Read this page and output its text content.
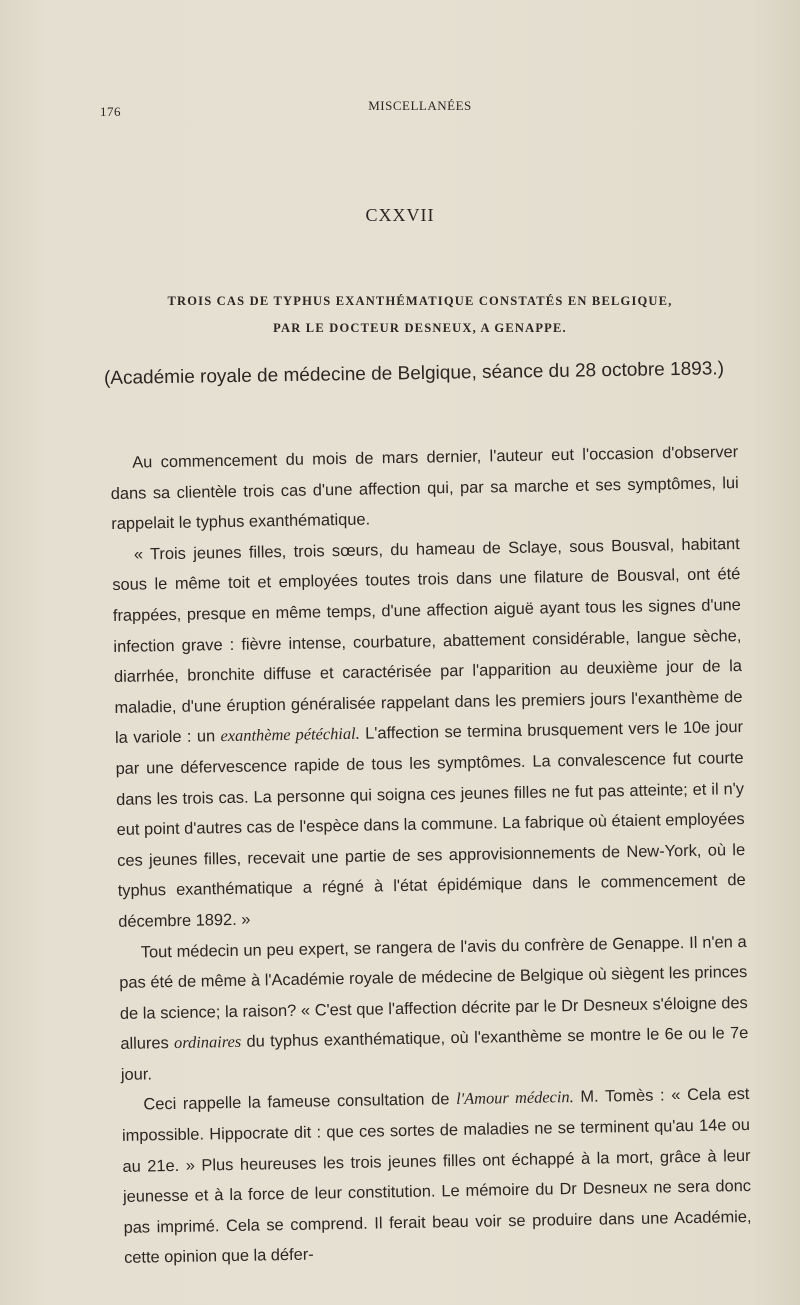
176	MISCELLANÉES
CXXVII
TROIS CAS DE TYPHUS EXANTHÉMATIQUE CONSTATÉS EN BELGIQUE,
PAR LE DOCTEUR DESNEUX, A GENAPPE.
(Académie royale de médecine de Belgique, séance du 28 octobre 1893.)

Au commencement du mois de mars dernier, l'auteur eut l'occasion d'observer dans sa clientèle trois cas d'une affection qui, par sa marche et ses symptômes, lui rappelait le typhus exanthématique.

« Trois jeunes filles, trois sœurs, du hameau de Sclaye, sous Bousval, habitant sous le même toit et employées toutes trois dans une filature de Bousval, ont été frappées, presque en même temps, d'une affection aiguë ayant tous les signes d'une infection grave : fièvre intense, courbature, abattement considérable, langue sèche, diarrhée, bronchite diffuse et caractérisée par l'apparition au deuxième jour de la maladie, d'une éruption généralisée rappelant dans les premiers jours l'exanthème de la variole : un exanthème pétéchial. L'affection se termina brusquement vers le 10e jour par une défervescence rapide de tous les symptômes. La convalescence fut courte dans les trois cas. La personne qui soigna ces jeunes filles ne fut pas atteinte; et il n'y eut point d'autres cas de l'espèce dans la commune. La fabrique où étaient employées ces jeunes filles, recevait une partie de ses approvisionnements de New-York, où le typhus exanthématique a régné à l'état épidémique dans le commencement de décembre 1892. »

Tout médecin un peu expert, se rangera de l'avis du confrère de Genappe. Il n'en a pas été de même à l'Académie royale de médecine de Belgique où siègent les princes de la science; la raison? « C'est que l'affection décrite par le Dr Desneux s'éloigne des allures ordinaires du typhus exanthématique, où l'exanthème se montre le 6e ou le 7e jour.

Ceci rappelle la fameuse consultation de l'Amour médecin. M. Tomès : « Cela est impossible. Hippocrate dit : que ces sortes de maladies ne se terminent qu'au 14e ou au 21e. » Plus heureuses les trois jeunes filles ont échappé à la mort, grâce à leur jeunesse et à la force de leur constitution. Le mémoire du Dr Desneux ne sera donc pas imprimé. Cela se comprend. Il ferait beau voir se produire dans une Académie, cette opinion que la défer-
